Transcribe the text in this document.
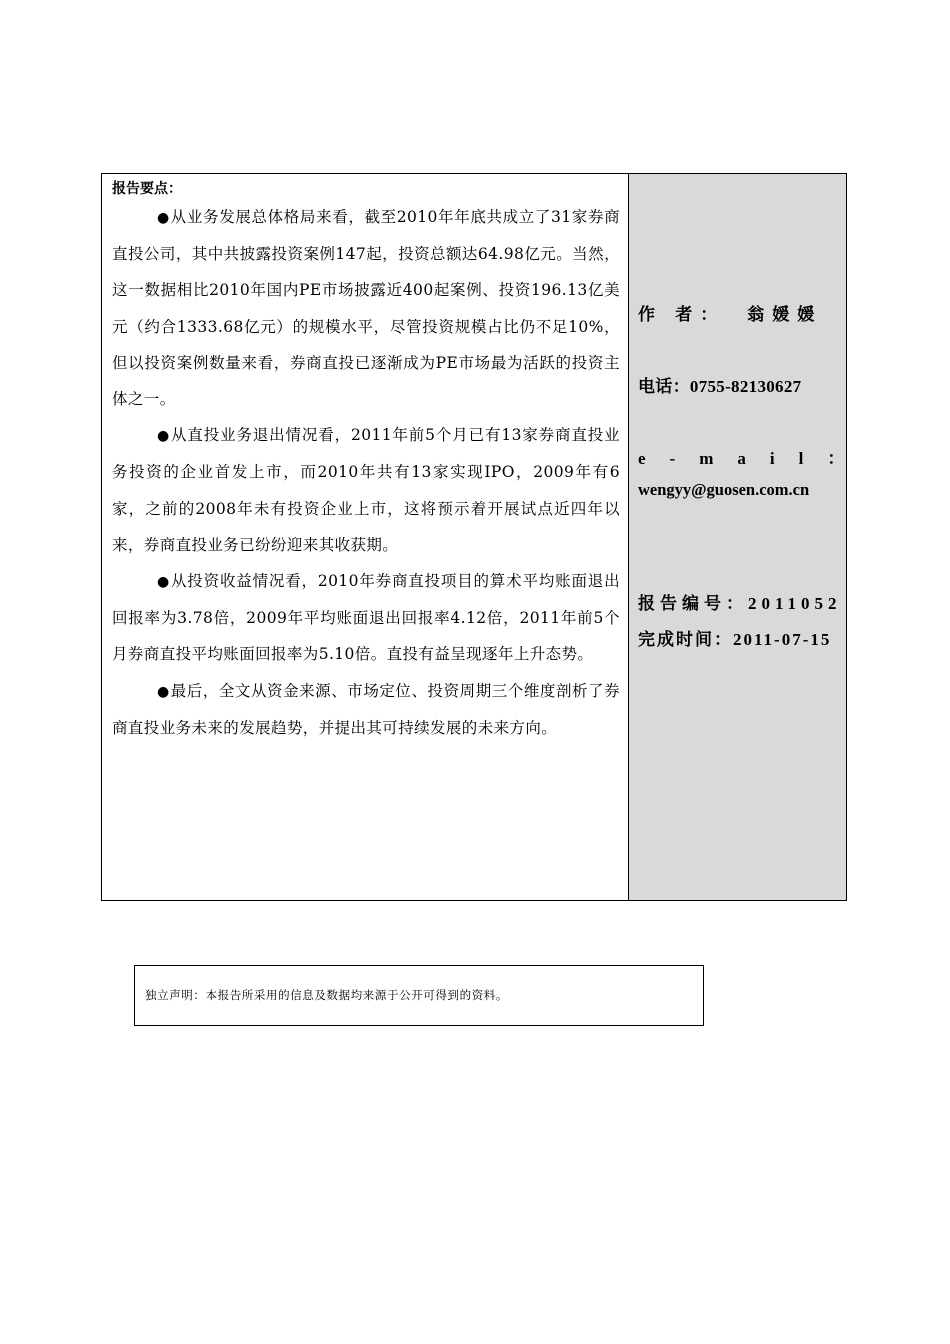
报告要点：

●从业务发展总体格局来看，截至2010年年底共成立了31家券商直投公司，其中共披露投资案例147起，投资总额达64.98亿元。当然，这一数据相比2010年国内PE市场披露近400起案例、投资196.13亿美元（约合1333.68亿元）的规模水平，尽管投资规模占比仍不足10%，但以投资案例数量来看，券商直投已逐渐成为PE市场最为活跃的投资主体之一。

●从直投业务退出情况看，2011年前5个月已有13家券商直投业务投资的企业首发上市，而2010年共有13家实现IPO，2009年有6家，之前的2008年未有投资企业上市，这将预示着开展试点近四年以来，券商直投业务已纷纷迎来其收获期。

●从投资收益情况看，2010年券商直投项目的算术平均账面退出回报率为3.78倍，2009年平均账面退出回报率4.12倍，2011年前5个月券商直投平均账面回报率为5.10倍。直投有益呈现逐年上升态势。

●最后，全文从资金来源、市场定位、投资周期三个维度剖析了券商直投业务未来的发展趋势，并提出其可持续发展的未来方向。

作 者： 翁媛媛
电话：0755-82130627
e-mail：
wengyy@guosen.com.cn
报告编号：2011052
完成时间：2011-07-15
独立声明：本报告所采用的信息及数据均来源于公开可得到的资料。
